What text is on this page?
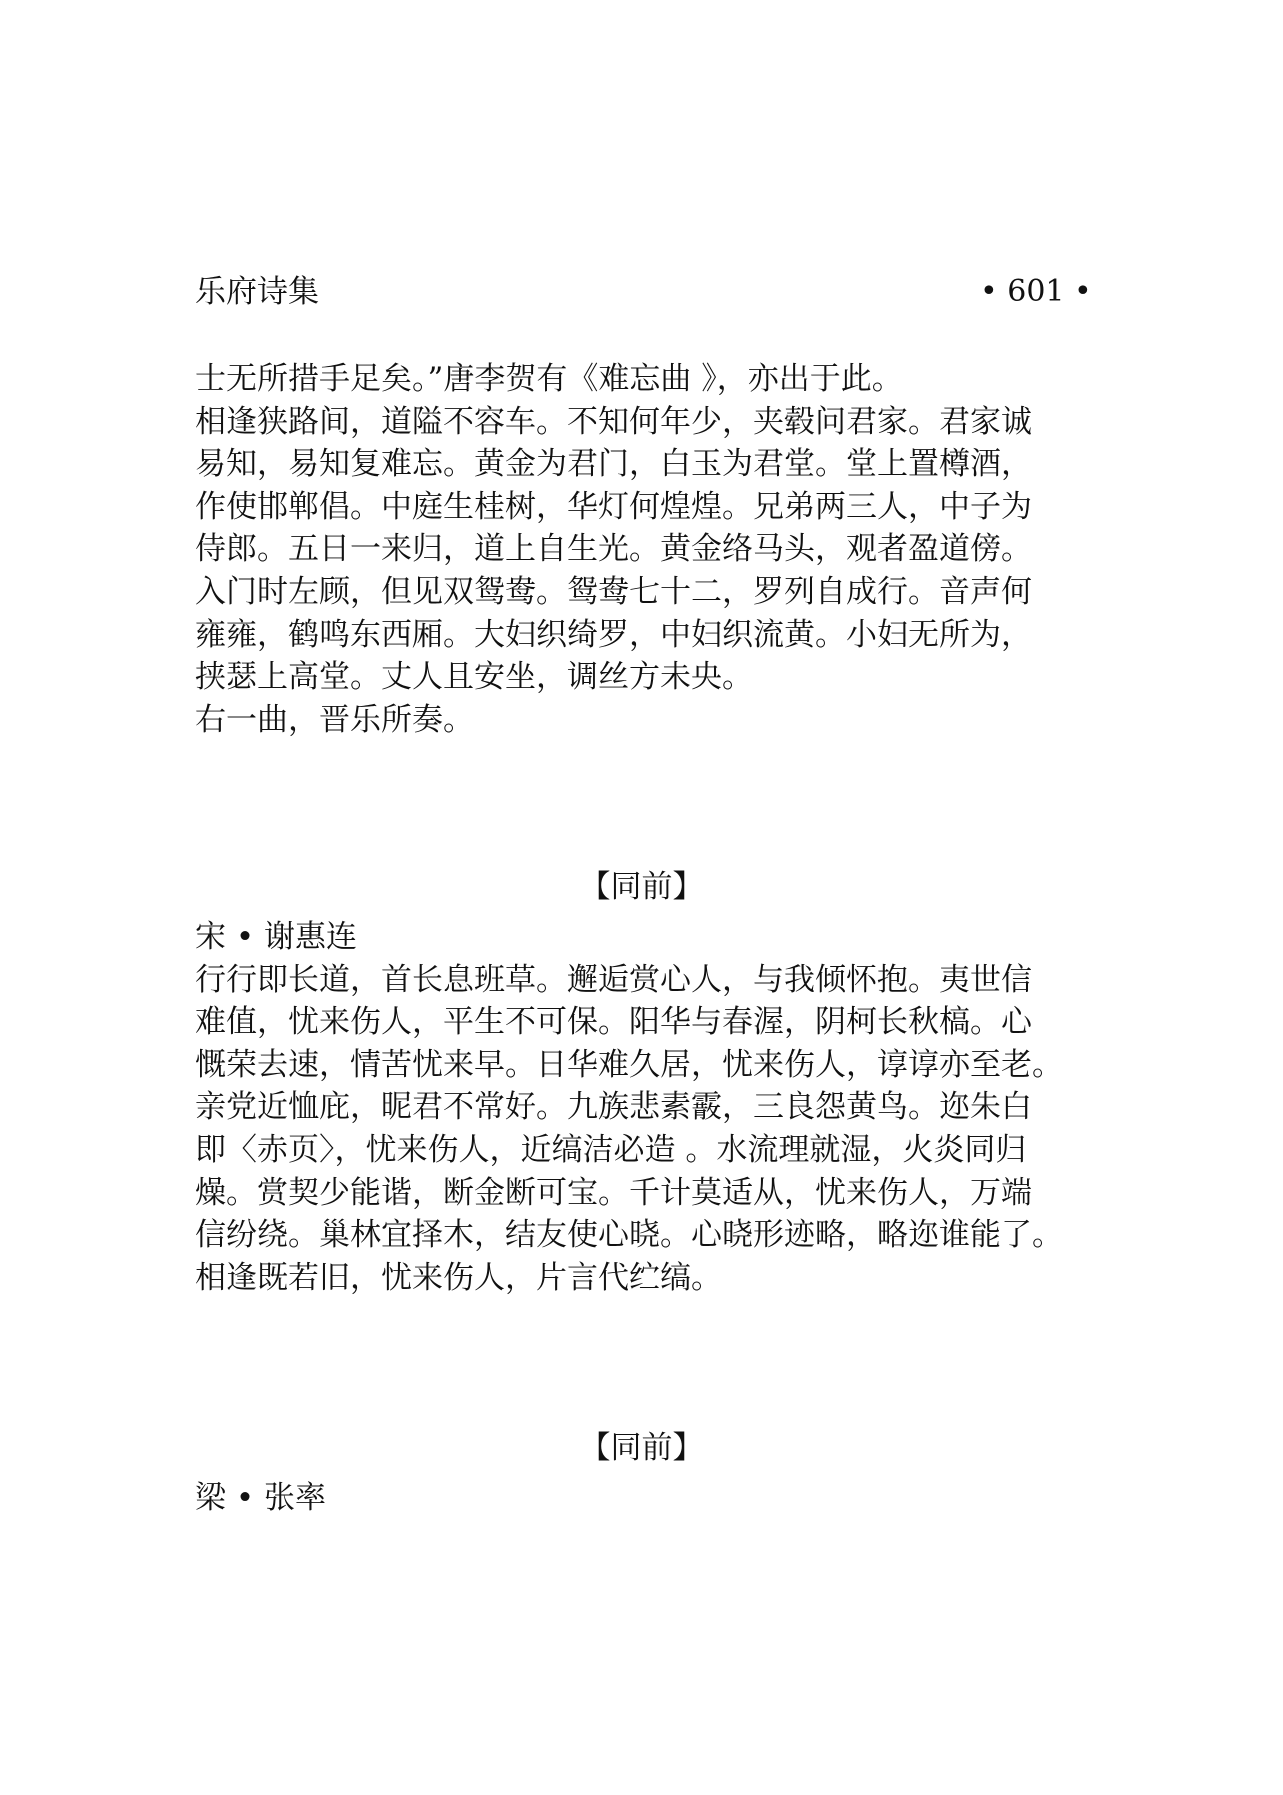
乐府诗集	• 601 •
士无所措手足矣。”唐李贺有《难忘曲 》，亦出于此。
相逢狭路间，道隘不容车。不知何年少，夹毂问君家。君家诚
易知，易知复难忘。黄金为君门，白玉为君堂。堂上置樽酒，
作使邯郸倡。中庭生桂树，华灯何煌煌。兄弟两三人，中子为
侍郎。五日一来归，道上自生光。黄金络马头，观者盈道傍。
入门时左顾，但见双鸳鸯。鸳鸯七十二，罗列自成行。音声何
雍雍，鹤鸣东西厢。大妇织绮罗，中妇织流黄。小妇无所为，
挟瑟上高堂。丈人且安坐，调丝方未央。
右一曲，晋乐所奏。
【同前】
宋 • 谢惠连
行行即长道，首长息班草。邂逅赏心人，与我倾怀抱。夷世信
难值，忧来伤人，平生不可保。阳华与春渥，阴柯长秋槁。心
慨荣去速，情苦忧来早。日华难久居，忧来伤人，谆谆亦至老。
亲党近恤庇，昵君不常好。九族悲素霰，三良怨黄鸟。迩朱白
即〈赤页〉，忧来伤人，近缟洁必造 。水流理就湿，火炎同归
燥。赏契少能谐，断金断可宝。千计莫适从，忧来伤人，万端
信纷绕。巢林宜择木，结友使心晓。心晓形迹略，略迩谁能了。
相逢既若旧，忧来伤人，片言代纻缟。
【同前】
梁 • 张率
